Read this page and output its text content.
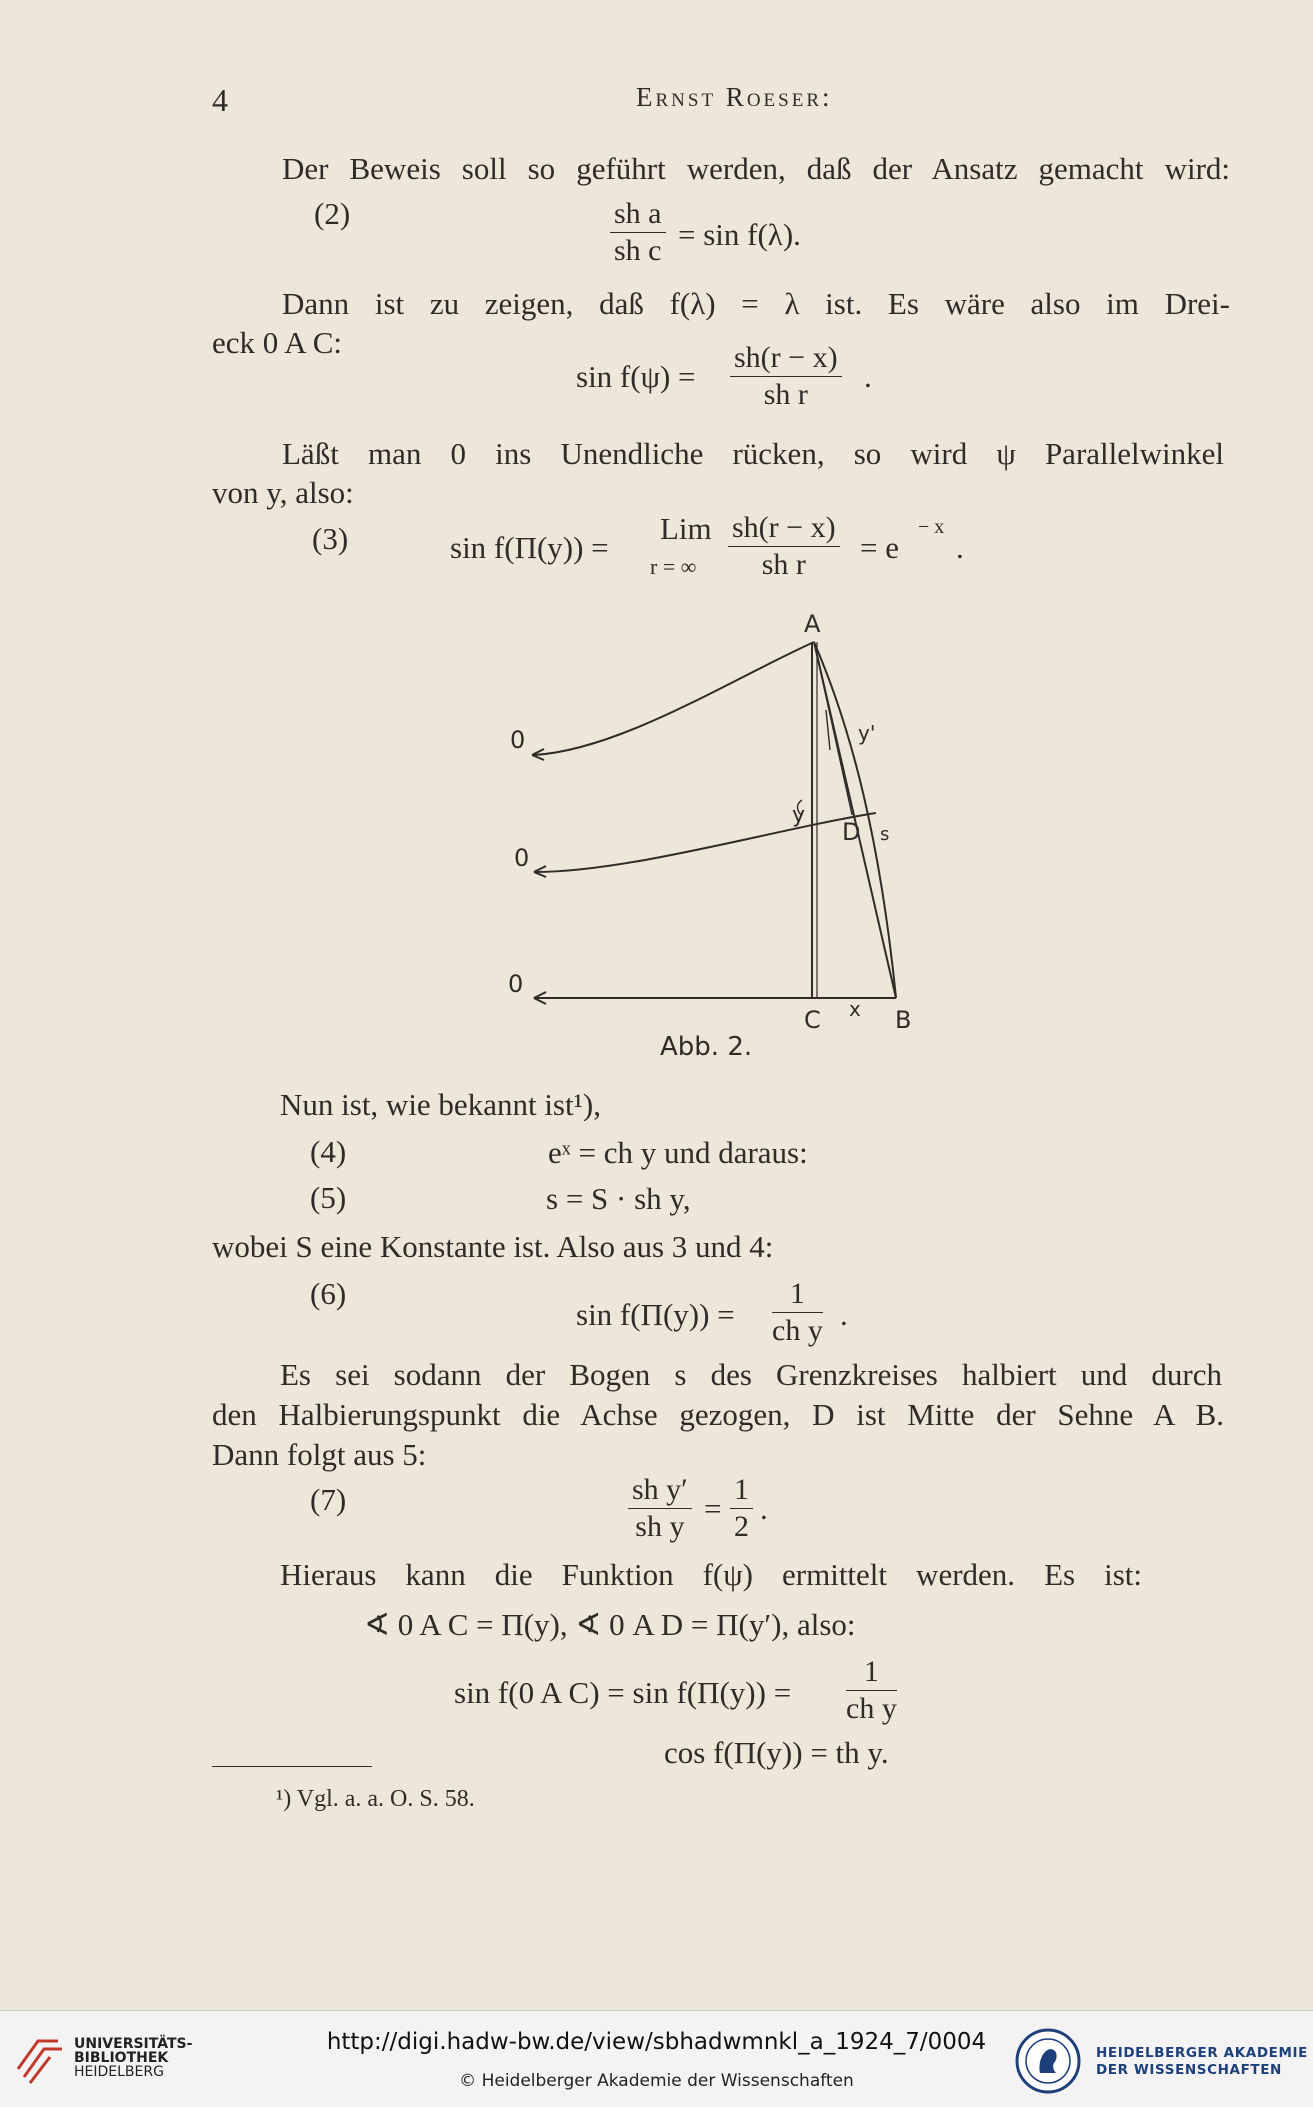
4	Ernst Roeser:
Der Beweis soll so geführt werden, daß der Ansatz gemacht wird:
(2)	$\frac{\text{sh a}}{\text{sh c}} = \sin f(\lambda)$.
Dann ist zu zeigen, daß f(λ) = λ ist. Es wäre also im Drei-
eck 0 A C:
$\sin f(\psi) = \frac{sh(r - x)}{\text{sh r}}$ .
Läßt man 0 ins Unendliche rücken, so wird ψ Parallelwinkel
von y, also:
(3)	sin f(Π(y)) =
Lim
r = ∞ $\frac{sh(r - x)}{\text{sh r}} = e$
− x
.
A
B
C
D
x
y
y'
s
0
0
0
Abb. 2.
Nun ist, wie bekannt ist¹),
(4)	eˣ = ch y und daraus:
(5)	s = S · sh y,
wobei S eine Konstante ist. Also aus 3 und 4:
(6)
$\sin f(\Pi(y)) = \frac{1}{\text{ch y}}$ .
Es sei sodann der Bogen s des Grenzkreises halbiert und durch
den Halbierungspunkt die Achse gezogen, D ist Mitte der Sehne A B.
Dann folgt aus 5:
(7)	$\frac{\text{sh y′}}{\text{sh y}} = \frac{1}{2}$ .
Hieraus kann die Funktion f(ψ) ermittelt werden. Es ist:
∢ 0 A C = Π(y), ∢ 0 A D = Π(y′), also:
sin f(0 A $C) = \sin f(\Pi(y)) = \frac{1}{\text{ch y}}$
cos f(Π(y)) = th y.
¹) Vgl. a. a. O. S. 58.
UNIVERSITÄTS-
BIBLIOTHEK
HEIDELBERG
http://digi.hadw-bw.de/view/sbhadwmnkl_a_1924_7/0004
© Heidelberger Akademie der Wissenschaften
HEIDELBERGER AKADEMIE
DER WISSENSCHAFTEN
